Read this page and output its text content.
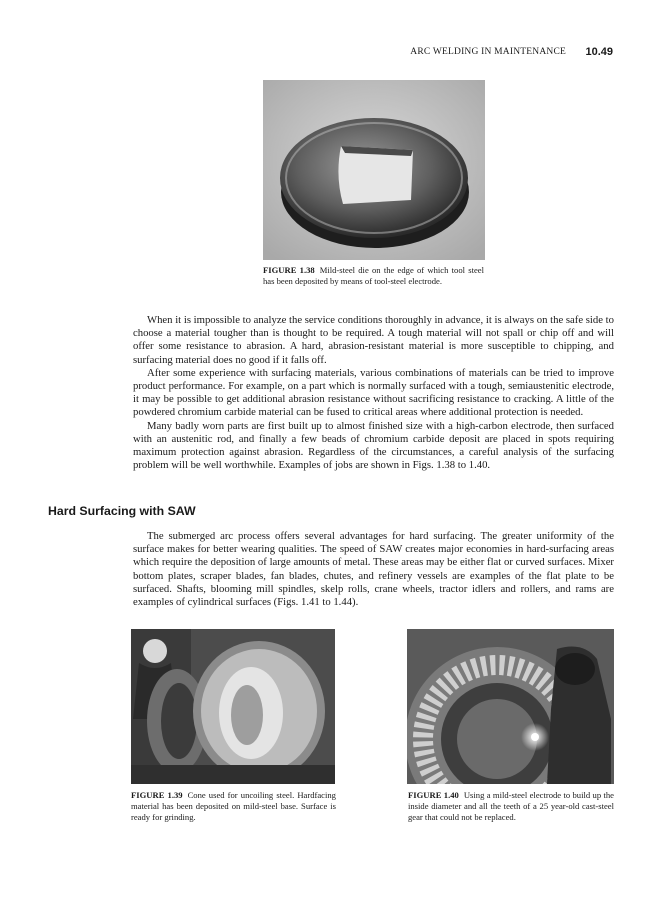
ARC WELDING IN MAINTENANCE 10.49
FIGURE 1.38 Mild-steel die on the edge of which tool steel has been deposited by means of tool-steel electrode.

When it is impossible to analyze the service conditions thoroughly in advance, it is always on the safe side to choose a material tougher than is thought to be required. A tough material will not spall or chip off and will offer some resistance to abrasion. A hard, abrasion-resistant material is more susceptible to chipping, and surfacing material does no good if it falls off.

After some experience with surfacing materials, various combinations of materials can be tried to improve product performance. For example, on a part which is normally surfaced with a tough, semiaustenitic electrode, it may be possible to get additional abrasion resistance without sacrificing resistance to cracking. A little of the powdered chromium carbide material can be fused to critical areas where additional protection is needed.

Many badly worn parts are first built up to almost finished size with a high-carbon electrode, then surfaced with an austenitic rod, and finally a few beads of chromium carbide deposit are placed in spots requiring maximum protection against abrasion. Regardless of the circumstances, a careful analysis of the surfacing problem will be well worthwhile. Examples of jobs are shown in Figs. 1.38 to 1.40.

Hard Surfacing with SAW

The submerged arc process offers several advantages for hard surfacing. The greater uniformity of the surface makes for better wearing qualities. The speed of SAW creates major economies in hard-surfacing areas which require the deposition of large amounts of metal. These areas may be either flat or curved surfaces. Mixer bottom plates, scraper blades, fan blades, chutes, and refinery vessels are examples of the flat plate to be surfaced. Shafts, blooming mill spindles, skelp rolls, crane wheels, tractor idlers and rollers, and rams are examples of cylindrical surfaces (Figs. 1.41 to 1.44).

FIGURE 1.39 Cone used for uncoiling steel. Hardfacing material has been deposited on mild-steel base. Surface is ready for grinding.
FIGURE 1.40 Using a mild-steel electrode to build up the inside diameter and all the teeth of a 25 year-old cast-steel gear that could not be replaced.
